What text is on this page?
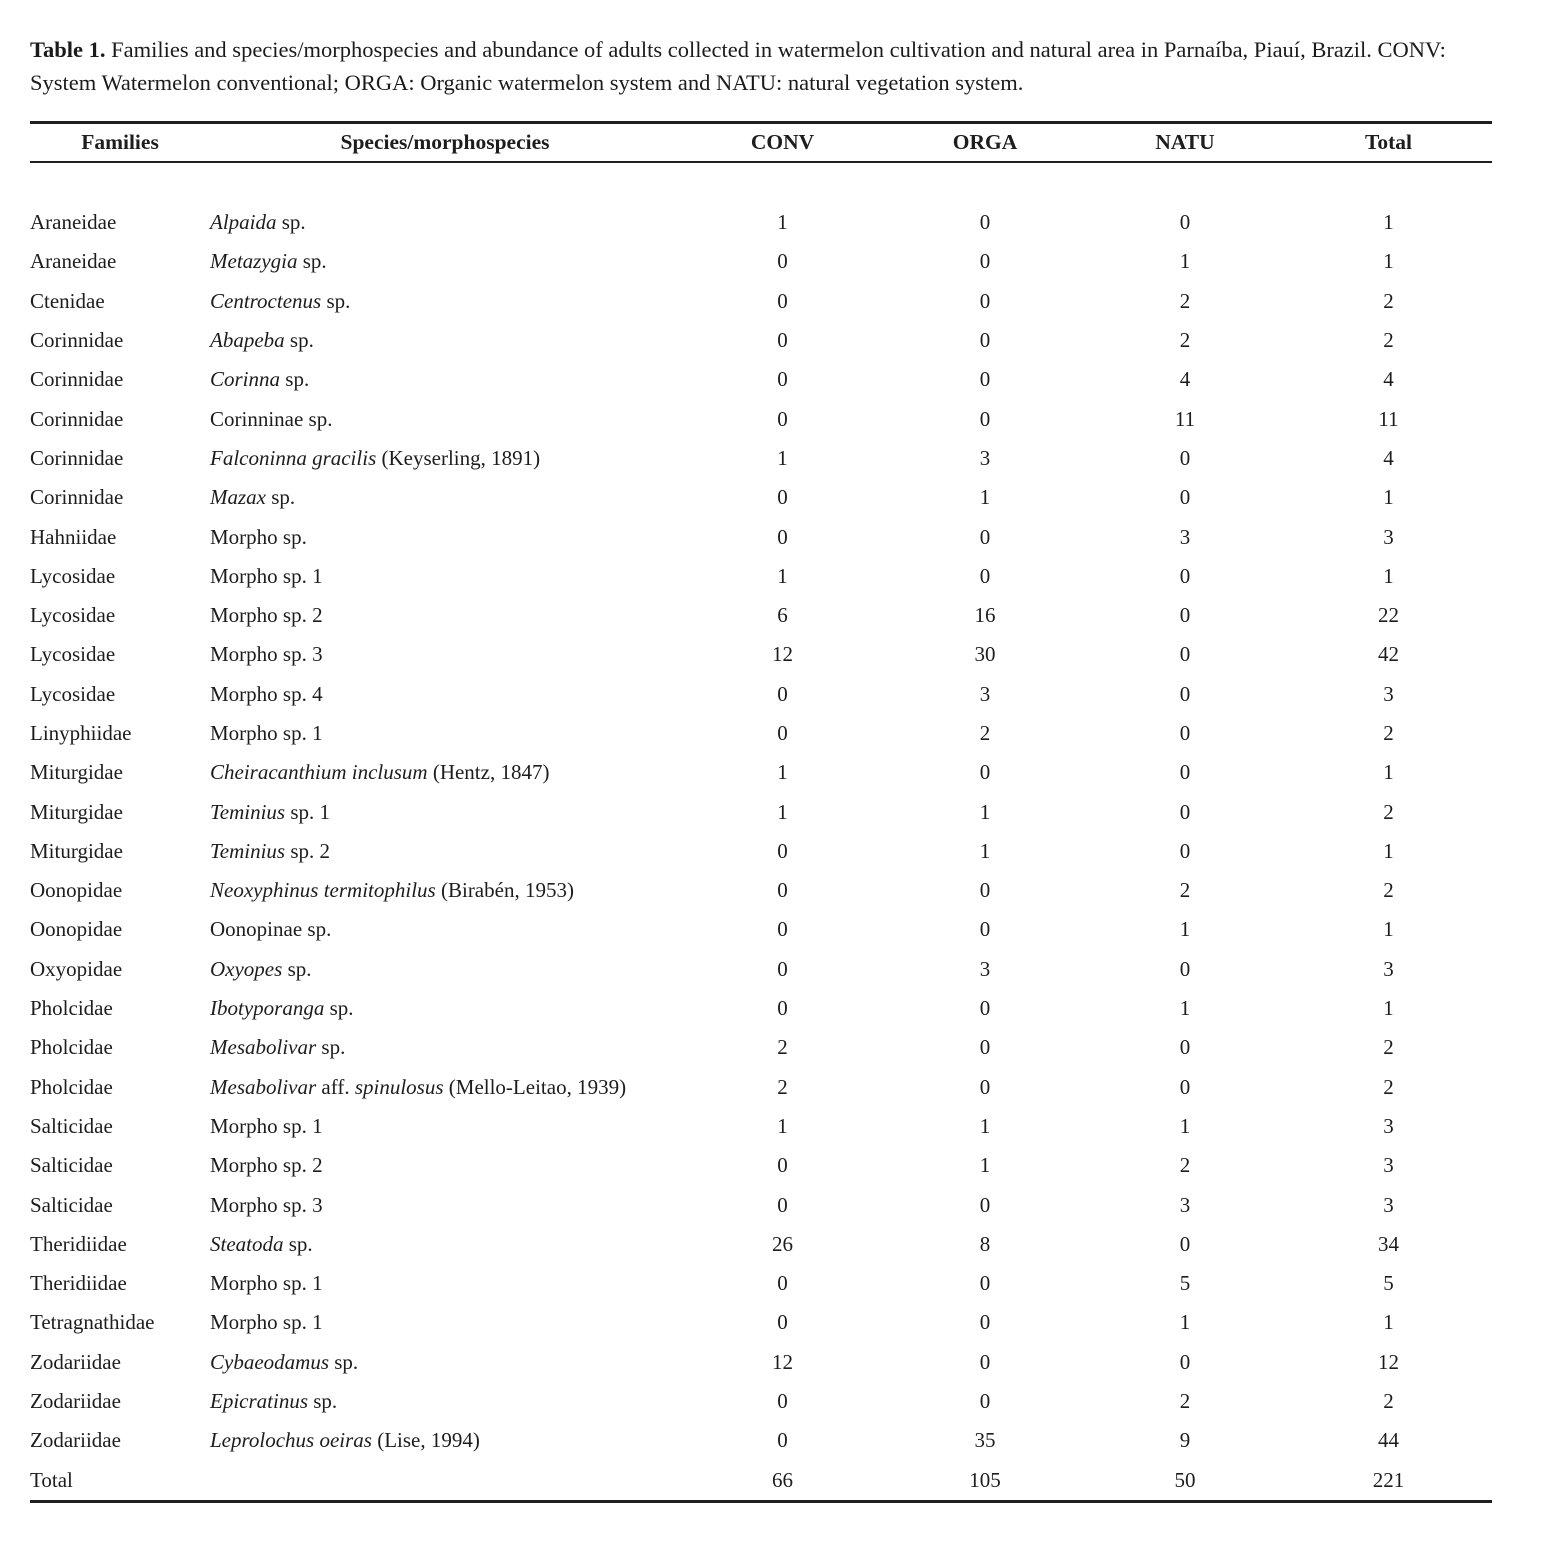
Table 1. Families and species/morphospecies and abundance of adults collected in watermelon cultivation and natural area in Parnaíba, Piauí, Brazil. CONV: System Watermelon conventional; ORGA: Organic watermelon system and NATU: natural vegetation system.

Families	Species/morphospecies	CONV	ORGA	NATU	Total
Araneidae	Alpaida sp.	1	0	0	1
Araneidae	Metazygia sp.	0	0	1	1
Ctenidae	Centroctenus sp.	0	0	2	2
Corinnidae	Abapeba sp.	0	0	2	2
Corinnidae	Corinna sp.	0	0	4	4
Corinnidae	Corinninae sp.	0	0	11	11
Corinnidae	Falconinna gracilis (Keyserling, 1891)	1	3	0	4
Corinnidae	Mazax sp.	0	1	0	1
Hahniidae	Morpho sp.	0	0	3	3
Lycosidae	Morpho sp. 1	1	0	0	1
Lycosidae	Morpho sp. 2	6	16	0	22
Lycosidae	Morpho sp. 3	12	30	0	42
Lycosidae	Morpho sp. 4	0	3	0	3
Linyphiidae	Morpho sp. 1	0	2	0	2
Miturgidae	Cheiracanthium inclusum (Hentz, 1847)	1	0	0	1
Miturgidae	Teminius sp. 1	1	1	0	2
Miturgidae	Teminius sp. 2	0	1	0	1
Oonopidae	Neoxyphinus termitophilus (Birabén, 1953)	0	0	2	2
Oonopidae	Oonopinae sp.	0	0	1	1
Oxyopidae	Oxyopes sp.	0	3	0	3
Pholcidae	Ibotyporanga sp.	0	0	1	1
Pholcidae	Mesabolivar sp.	2	0	0	2
Pholcidae	Mesabolivar aff. spinulosus (Mello-Leitao, 1939)	2	0	0	2
Salticidae	Morpho sp. 1	1	1	1	3
Salticidae	Morpho sp. 2	0	1	2	3
Salticidae	Morpho sp. 3	0	0	3	3
Theridiidae	Steatoda sp.	26	8	0	34
Theridiidae	Morpho sp. 1	0	0	5	5
Tetragnathidae	Morpho sp. 1	0	0	1	1
Zodariidae	Cybaeodamus sp.	12	0	0	12
Zodariidae	Epicratinus sp.	0	0	2	2
Zodariidae	Leprolochus oeiras (Lise, 1994)	0	35	9	44
Total		66	105	50	221
